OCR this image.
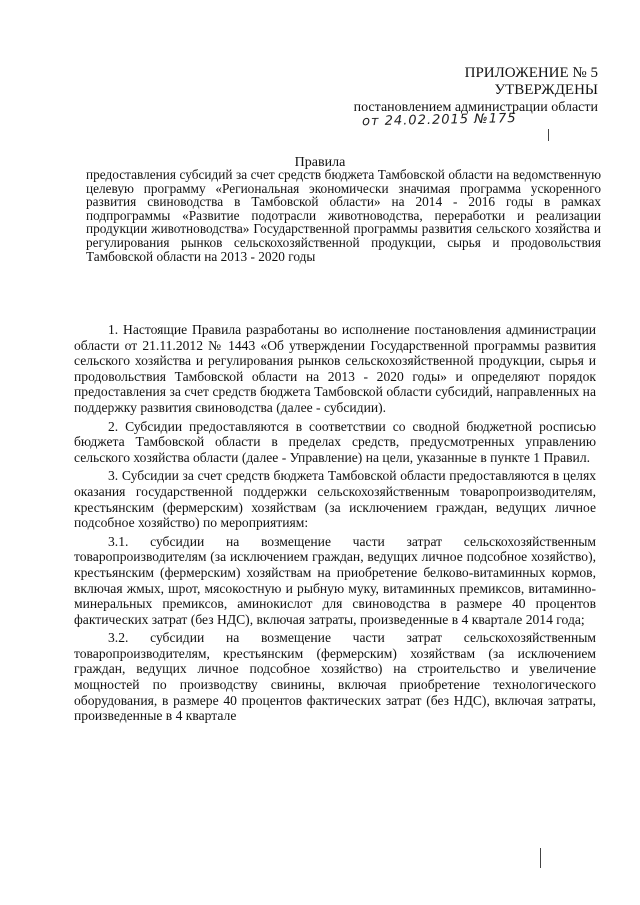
ПРИЛОЖЕНИЕ № 5
УТВЕРЖДЕНЫ
постановлением администрации области
от 24.02.2015 №175
Правила
предоставления субсидий за счет средств бюджета Тамбовской области на ведомственную целевую программу «Региональная экономически значимая программа ускоренного развития свиноводства в Тамбовской области» на 2014 - 2016 годы в рамках подпрограммы «Развитие подотрасли животноводства, переработки и реализации продукции животноводства» Государственной программы развития сельского хозяйства и регулирования рынков сельскохозяйственной продукции, сырья и продовольствия Тамбовской области на 2013 - 2020 годы

1. Настоящие Правила разработаны во исполнение постановления администрации области от 21.11.2012 № 1443 «Об утверждении Государственной программы развития сельского хозяйства и регулирования рынков сельскохозяйственной продукции, сырья и продовольствия Тамбовской области на 2013 - 2020 годы» и определяют порядок предоставления за счет средств бюджета Тамбовской области субсидий, направленных на поддержку развития свиноводства (далее - субсидии).

2. Субсидии предоставляются в соответствии со сводной бюджетной росписью бюджета Тамбовской области в пределах средств, предусмотренных управлению сельского хозяйства области (далее - Управление) на цели, указанные в пункте 1 Правил.

3. Субсидии за счет средств бюджета Тамбовской области предоставляются в целях оказания государственной поддержки сельскохозяйственным товаропроизводителям, крестьянским (фермерским) хозяйствам (за исключением граждан, ведущих личное подсобное хозяйство) по мероприятиям:

3.1. субсидии на возмещение части затрат сельскохозяйственным товаропроизводителям (за исключением граждан, ведущих личное подсобное хозяйство), крестьянским (фермерским) хозяйствам на приобретение белково-витаминных кормов, включая жмых, шрот, мясокостную и рыбную муку, витаминных премиксов, витаминно-минеральных премиксов, аминокислот для свиноводства в размере 40 процентов фактических затрат (без НДС), включая затраты, произведенные в 4 квартале 2014 года;

3.2. субсидии на возмещение части затрат сельскохозяйственным товаропроизводителям, крестьянским (фермерским) хозяйствам (за исключением граждан, ведущих личное подсобное хозяйство) на строительство и увеличение мощностей по производству свинины, включая приобретение технологического оборудования, в размере 40 процентов фактических затрат (без НДС), включая затраты, произведенные в 4 квартале
